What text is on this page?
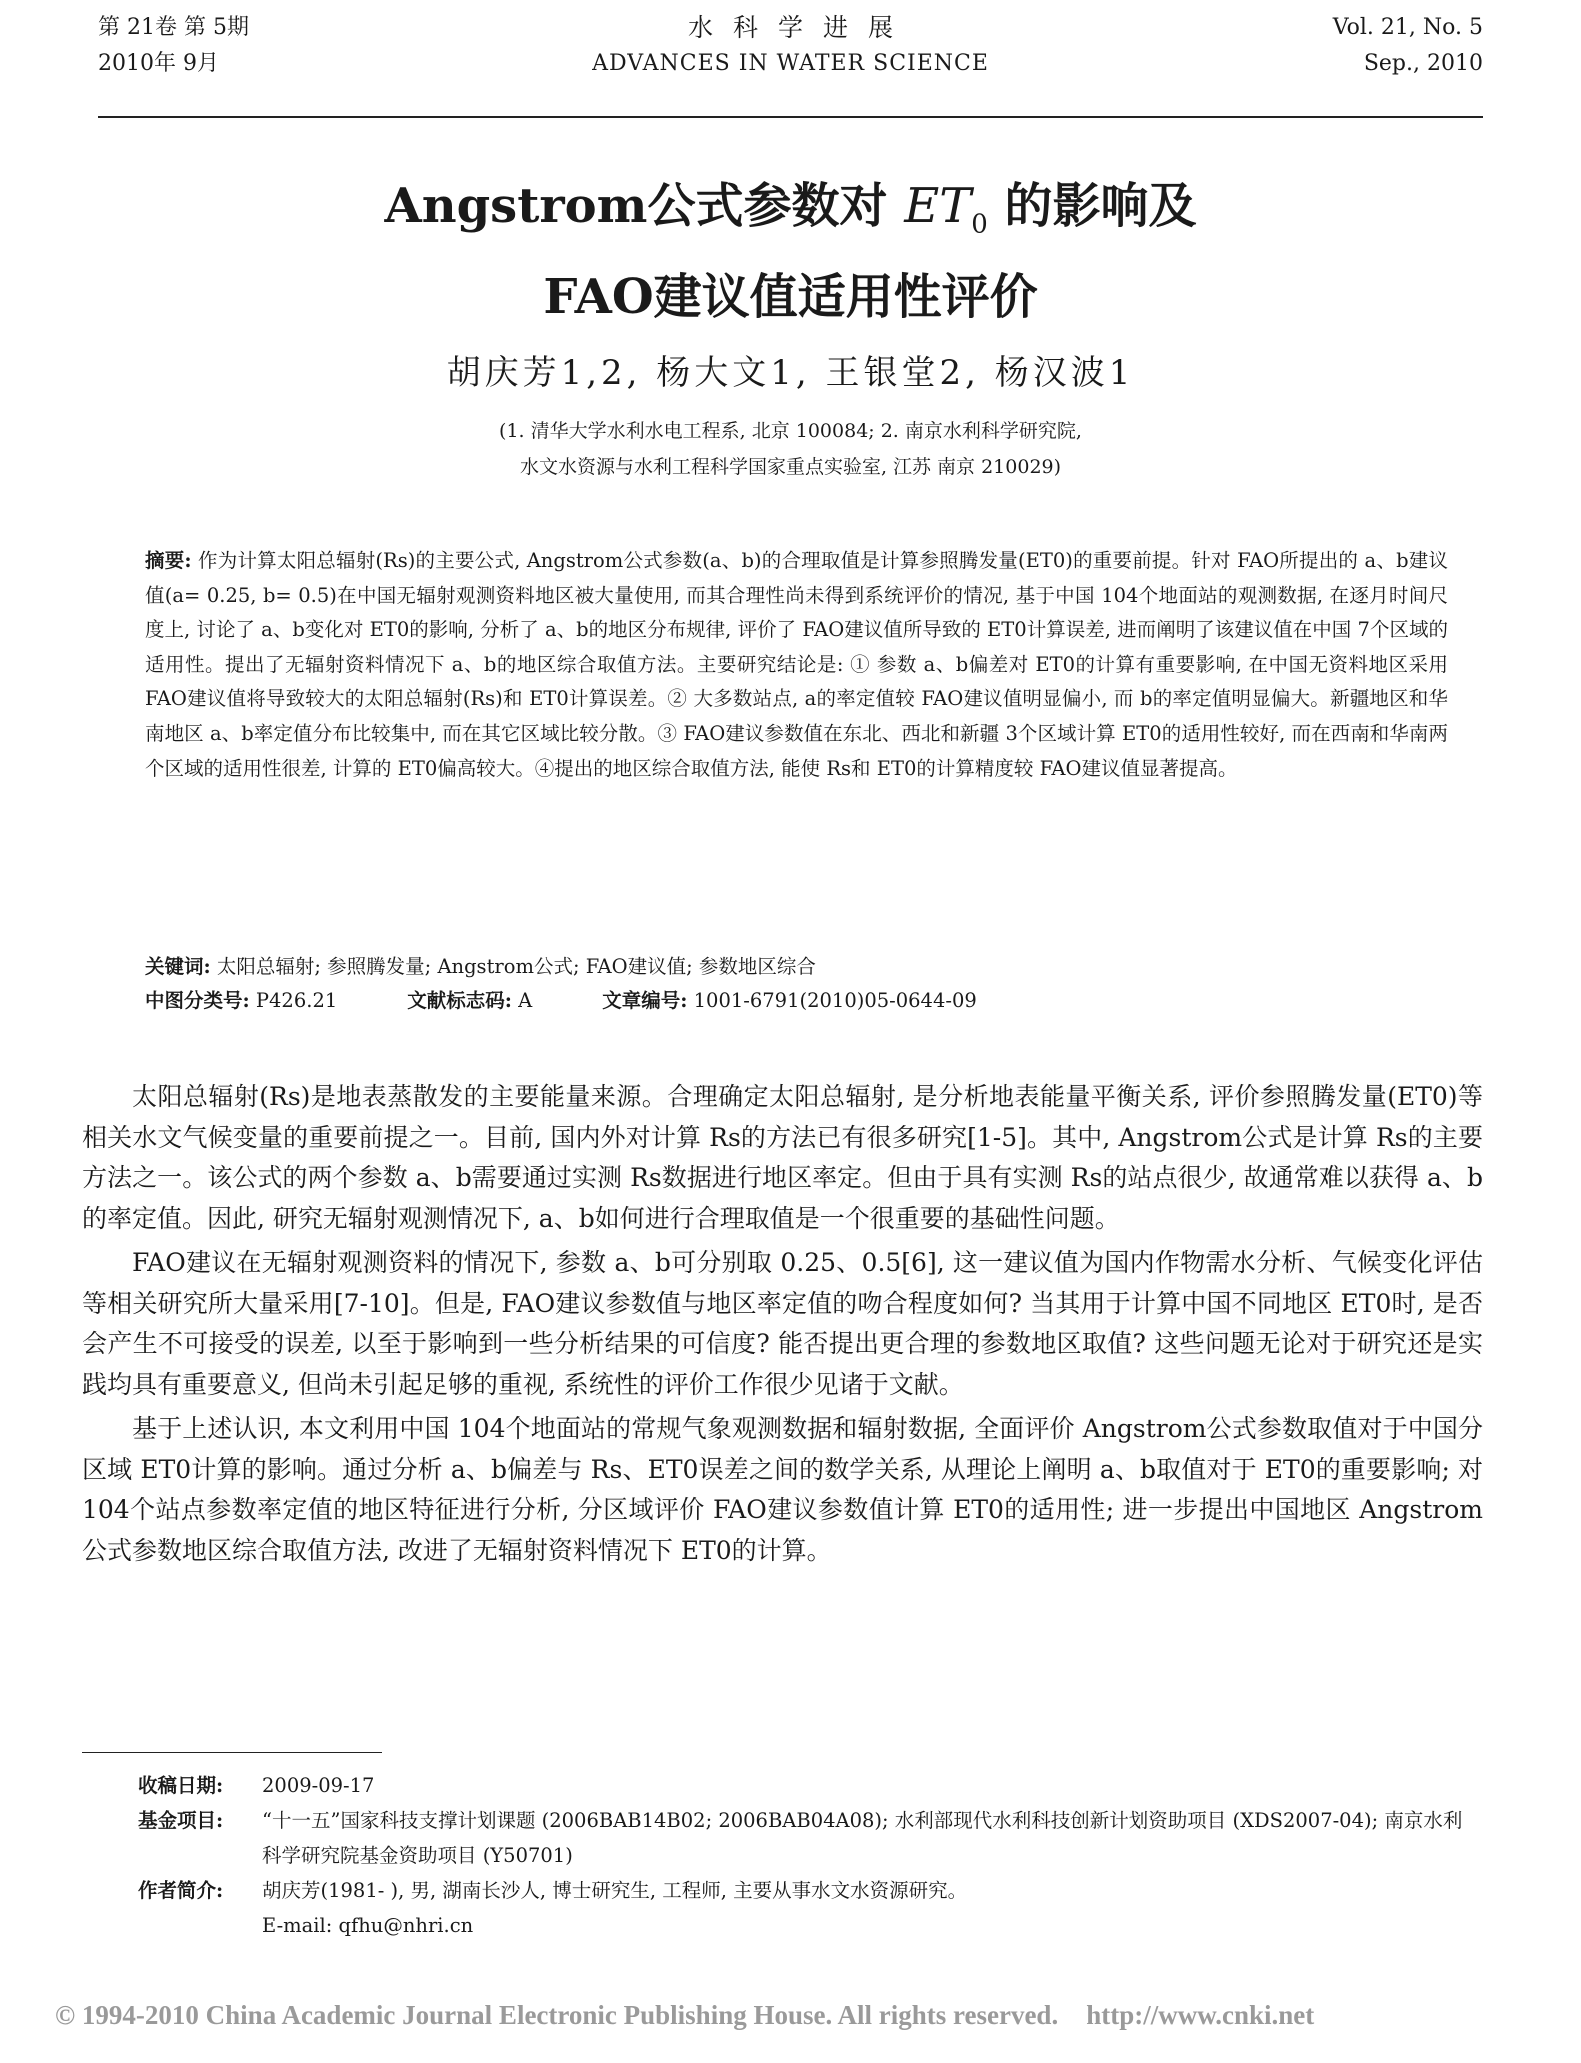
第 21卷 第 5期
2010年 9月
水科学进展
ADVANCES IN WATER SCIENCE
Vol. 21, No. 5
Sep., 2010
Angstrom公式参数对 $ET_0$ 的影响及
FAO建议值适用性评价
胡庆芳1,2, 杨大文1, 王银堂2, 杨汉波1
(1. 清华大学水利水电工程系, 北京 100084; 2. 南京水利科学研究院,
水文水资源与水利工程科学国家重点实验室, 江苏 南京 210029)
摘要: 作为计算太阳总辐射(Rs)的主要公式, Angstrom公式参数(a、b)的合理取值是计算参照腾发量(ET0)的重要前提。针对 FAO所提出的 a、b建议值(a= 0.25, b= 0.5)在中国无辐射观测资料地区被大量使用, 而其合理性尚未得到系统评价的情况, 基于中国 104个地面站的观测数据, 在逐月时间尺度上, 讨论了 a、b变化对 ET0的影响, 分析了 a、b的地区分布规律, 评价了 FAO建议值所导致的 ET0计算误差, 进而阐明了该建议值在中国 7个区域的适用性。提出了无辐射资料情况下 a、b的地区综合取值方法。主要研究结论是: ① 参数 a、b偏差对 ET0的计算有重要影响, 在中国无资料地区采用 FAO建议值将导致较大的太阳总辐射(Rs)和 ET0计算误差。② 大多数站点, a的率定值较 FAO建议值明显偏小, 而 b的率定值明显偏大。新疆地区和华南地区 a、b率定值分布比较集中, 而在其它区域比较分散。③ FAO建议参数值在东北、西北和新疆 3个区域计算 ET0的适用性较好, 而在西南和华南两个区域的适用性很差, 计算的 ET0偏高较大。④提出的地区综合取值方法, 能使 Rs和 ET0的计算精度较 FAO建议值显著提高。
关键词: 太阳总辐射; 参照腾发量; Angstrom公式; FAO建议值; 参数地区综合
中图分类号: P426.21	文献标志码: A	文章编号: 1001-6791(2010)05-0644-09

太阳总辐射(Rs)是地表蒸散发的主要能量来源。合理确定太阳总辐射, 是分析地表能量平衡关系, 评价参照腾发量(ET0)等相关水文气候变量的重要前提之一。目前, 国内外对计算 Rs的方法已有很多研究[1-5]。其中, Angstrom公式是计算 Rs的主要方法之一。该公式的两个参数 a、b需要通过实测 Rs数据进行地区率定。但由于具有实测 Rs的站点很少, 故通常难以获得 a、b的率定值。因此, 研究无辐射观测情况下, a、b如何进行合理取值是一个很重要的基础性问题。

FAO建议在无辐射观测资料的情况下, 参数 a、b可分别取 0.25、0.5[6], 这一建议值为国内作物需水分析、气候变化评估等相关研究所大量采用[7-10]。但是, FAO建议参数值与地区率定值的吻合程度如何? 当其用于计算中国不同地区 ET0时, 是否会产生不可接受的误差, 以至于影响到一些分析结果的可信度? 能否提出更合理的参数地区取值? 这些问题无论对于研究还是实践均具有重要意义, 但尚未引起足够的重视, 系统性的评价工作很少见诸于文献。

基于上述认识, 本文利用中国 104个地面站的常规气象观测数据和辐射数据, 全面评价 Angstrom公式参数取值对于中国分区域 ET0计算的影响。通过分析 a、b偏差与 Rs、ET0误差之间的数学关系, 从理论上阐明 a、b取值对于 ET0的重要影响; 对 104个站点参数率定值的地区特征进行分析, 分区域评价 FAO建议参数值计算 ET0的适用性; 进一步提出中国地区 Angstrom公式参数地区综合取值方法, 改进了无辐射资料情况下 ET0的计算。

收稿日期:	2009-09-17
基金项目:	“十一五”国家科技支撑计划课题 (2006BAB14B02; 2006BAB04A08); 水利部现代水利科技创新计划资助项目 (XDS2007-04); 南京水利科学研究院基金资助项目 (Y50701)
作者简介:	胡庆芳(1981- ), 男, 湖南长沙人, 博士研究生, 工程师, 主要从事水文水资源研究。
E-mail: qfhu@nhri.cn
© 1994-2010 China Academic Journal Electronic Publishing House. All rights reserved. http://www.cnki.net
